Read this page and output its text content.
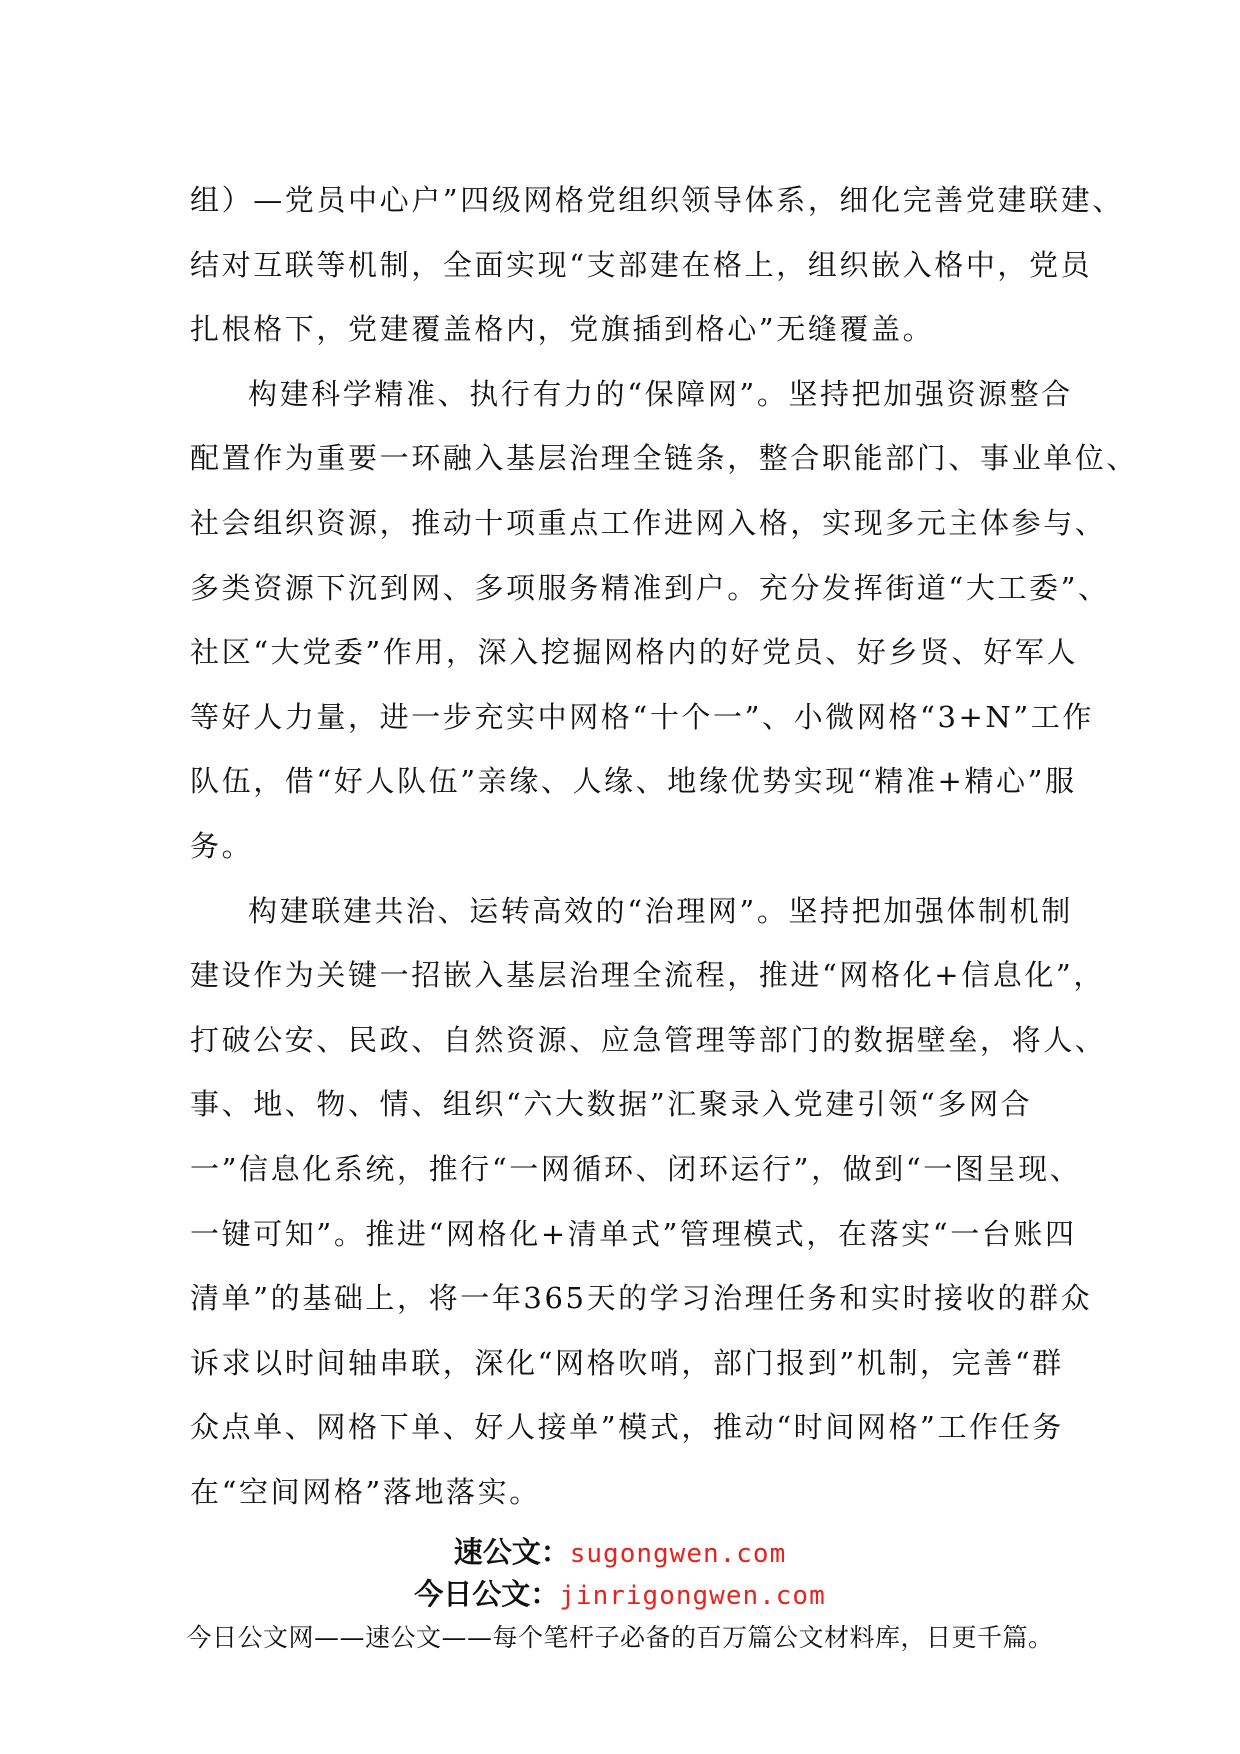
组）—党员中心户”四级网格党组织领导体系，细化完善党建联建、
结对互联等机制，全面实现“支部建在格上，组织嵌入格中，党员
扎根格下，党建覆盖格内，党旗插到格心”无缝覆盖。
构建科学精准、执行有力的“保障网”。坚持把加强资源整合
配置作为重要一环融入基层治理全链条，整合职能部门、事业单位、
社会组织资源，推动十项重点工作进网入格，实现多元主体参与、
多类资源下沉到网、多项服务精准到户。充分发挥街道“大工委”、
社区“大党委”作用，深入挖掘网格内的好党员、好乡贤、好军人
等好人力量，进一步充实中网格“十个一”、小微网格“3+N”工作
队伍，借“好人队伍”亲缘、人缘、地缘优势实现“精准+精心”服
务。
构建联建共治、运转高效的“治理网”。坚持把加强体制机制
建设作为关键一招嵌入基层治理全流程，推进“网格化+信息化”，
打破公安、民政、自然资源、应急管理等部门的数据壁垒，将人、
事、地、物、情、组织“六大数据”汇聚录入党建引领“多网合
一”信息化系统，推行“一网循环、闭环运行”，做到“一图呈现、
一键可知”。推进“网格化+清单式”管理模式，在落实“一台账四
清单”的基础上，将一年365天的学习治理任务和实时接收的群众
诉求以时间轴串联，深化“网格吹哨，部门报到”机制，完善“群
众点单、网格下单、好人接单”模式，推动“时间网格”工作任务
在“空间网格”落地落实。
速公文：sugongwen.com
今日公文：jinrigongwen.com
今日公文网——速公文——每个笔杆子必备的百万篇公文材料库，日更千篇。
